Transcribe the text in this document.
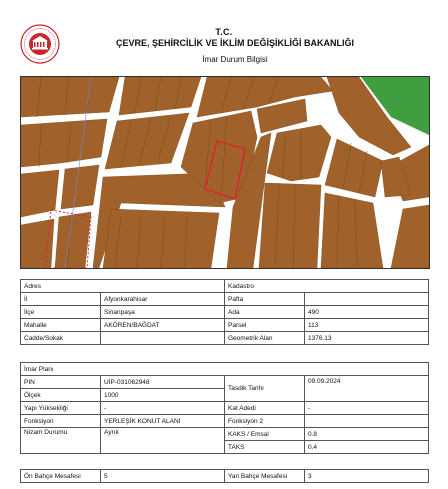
T.C.
ÇEVRE, ŞEHİRCİLİK VE İKLİM DEĞİŞİKLİĞİ BAKANLIĞI
İmar Durum Bilgisi
Adres		Kadastro	
İl	Afyonkarahisar	Pafta	
İlçe	Sinanpaşa	Ada	490
Mahalle	AKÖREN/BAĞDAT	Parsel	113
Cadde/Sokak		Geometrik Alan	1376.13
İmar Planı			
PIN	UİP-031062948	Tasdik Tarihi	09.09.2024
Ölçek	1000		
Yapı Yüksekliği	-	Kat Adedi	-
Fonksiyon	YERLEŞİK KONUT ALANI	Fonksiyon 2	
Nizam Durumu	Ayrık	KAKS / Emsal	0.8
		TAKS	0.4
Ön Bahçe Mesafesi	5	Yan Bahçe Mesafesi	3
